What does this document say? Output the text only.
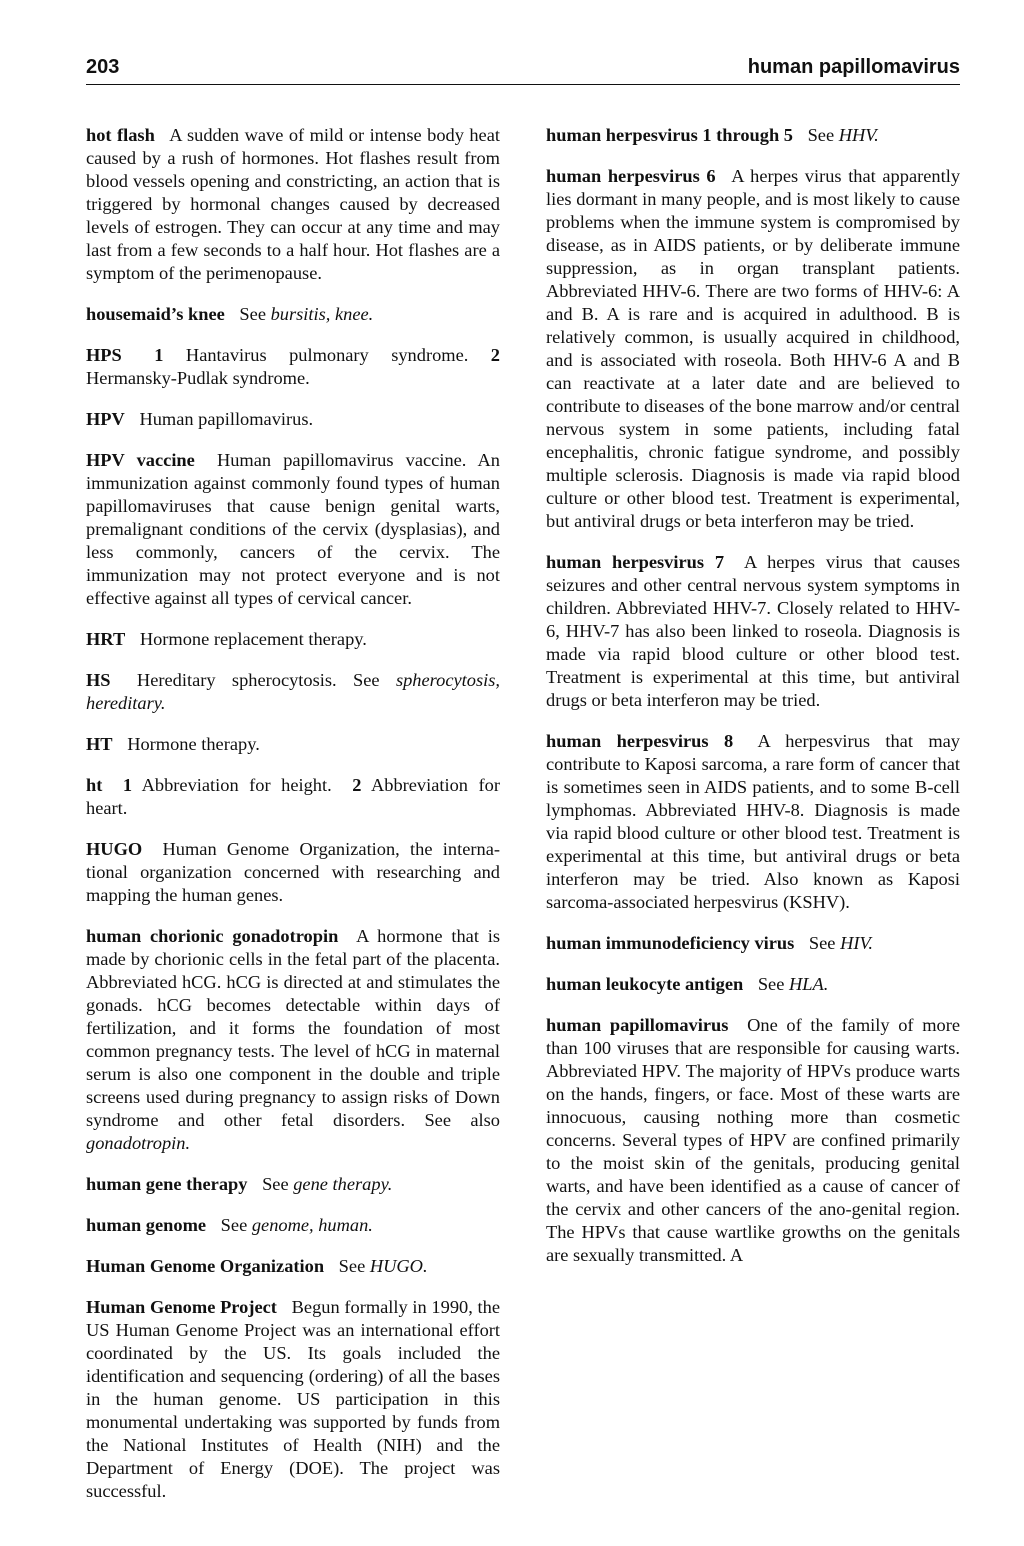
203	human papillomavirus

hot flash A sudden wave of mild or intense body heat caused by a rush of hormones. Hot flashes result from blood vessels opening and constricting, an action that is triggered by hormonal changes caused by decreased levels of estrogen. They can occur at any time and may last from a few seconds to a half hour. Hot flashes are a symptom of the perimenopause.

housemaid’s knee See bursitis, knee.

HPS 1 Hantavirus pulmonary syndrome. 2 Hermansky-Pudlak syndrome.

HPV Human papillomavirus.

HPV vaccine Human papillomavirus vaccine. An immunization against commonly found types of human papillomaviruses that cause benign genital warts, premalignant conditions of the cervix (dysplasias), and less commonly, cancers of the cervix. The immunization may not protect everyone and is not effective against all types of cervical cancer.

HRT Hormone replacement therapy.

HS Hereditary spherocytosis. See spherocytosis, hereditary.

HT Hormone therapy.

ht 1 Abbreviation for height. 2 Abbreviation for heart.

HUGO Human Genome Organization, the international organization concerned with researching and mapping the human genes.

human chorionic gonadotropin A hormone that is made by chorionic cells in the fetal part of the placenta. Abbreviated hCG. hCG is directed at and stimulates the gonads. hCG becomes detectable within days of fertilization, and it forms the foundation of most common pregnancy tests. The level of hCG in maternal serum is also one component in the double and triple screens used during pregnancy to assign risks of Down syndrome and other fetal disorders. See also gonadotropin.

human gene therapy See gene therapy.

human genome See genome, human.

Human Genome Organization See HUGO.

Human Genome Project Begun formally in 1990, the US Human Genome Project was an international effort coordinated by the US. Its goals included the identification and sequencing (ordering) of all the bases in the human genome. US participation in this monumental undertaking was supported by funds from the National Institutes of Health (NIH) and the Department of Energy (DOE). The project was successful.

human herpesvirus 1 through 5 See HHV.

human herpesvirus 6 A herpes virus that apparently lies dormant in many people, and is most likely to cause problems when the immune system is compromised by disease, as in AIDS patients, or by deliberate immune suppression, as in organ transplant patients. Abbreviated HHV-6. There are two forms of HHV-6: A and B. A is rare and is acquired in adulthood. B is relatively common, is usually acquired in childhood, and is associated with roseola. Both HHV-6 A and B can reactivate at a later date and are believed to contribute to diseases of the bone marrow and/or central nervous system in some patients, including fatal encephalitis, chronic fatigue syndrome, and possibly multiple sclerosis. Diagnosis is made via rapid blood culture or other blood test. Treatment is experimental, but antiviral drugs or beta interferon may be tried.

human herpesvirus 7 A herpes virus that causes seizures and other central nervous system symptoms in children. Abbreviated HHV-7. Closely related to HHV-6, HHV-7 has also been linked to roseola. Diagnosis is made via rapid blood culture or other blood test. Treatment is experimental at this time, but antiviral drugs or beta interferon may be tried.

human herpesvirus 8 A herpesvirus that may contribute to Kaposi sarcoma, a rare form of cancer that is sometimes seen in AIDS patients, and to some B-cell lymphomas. Abbreviated HHV-8. Diagnosis is made via rapid blood culture or other blood test. Treatment is experimental at this time, but antiviral drugs or beta interferon may be tried. Also known as Kaposi sarcoma-associated herpesvirus (KSHV).

human immunodeficiency virus See HIV.

human leukocyte antigen See HLA.

human papillomavirus One of the family of more than 100 viruses that are responsible for causing warts. Abbreviated HPV. The majority of HPVs produce warts on the hands, fingers, or face. Most of these warts are innocuous, causing nothing more than cosmetic concerns. Several types of HPV are confined primarily to the moist skin of the genitals, producing genital warts, and have been identified as a cause of cancer of the cervix and other cancers of the ano-genital region. The HPVs that cause wartlike growths on the genitals are sexually transmitted. A
